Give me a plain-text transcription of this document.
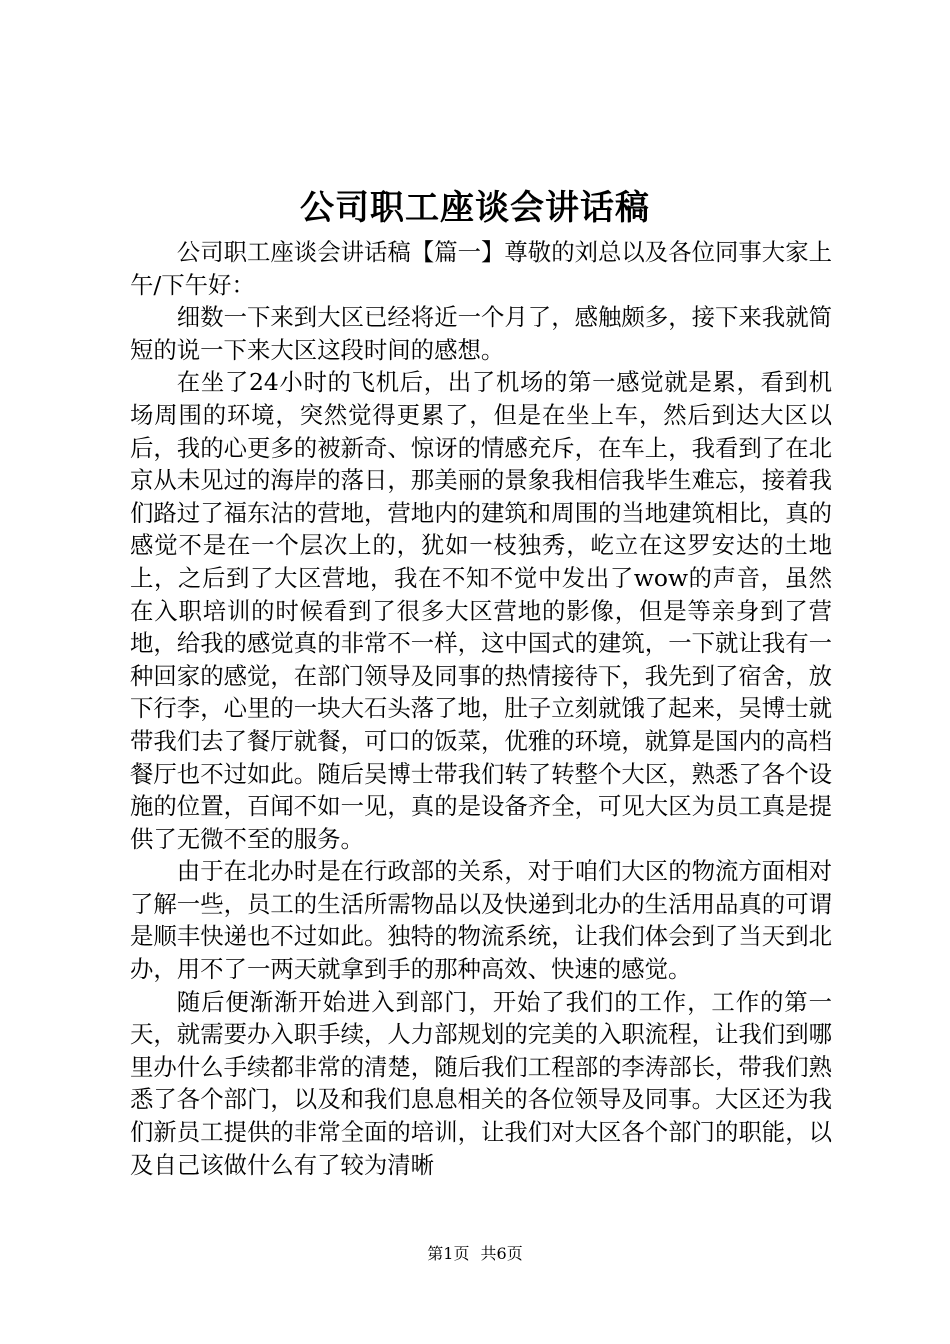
公司职工座谈会讲话稿

公司职工座谈会讲话稿【篇一】尊敬的刘总以及各位同事大家上午/下午好：

细数一下来到大区已经将近一个月了，感触颇多，接下来我就简短的说一下来大区这段时间的感想。

在坐了24小时的飞机后，出了机场的第一感觉就是累，看到机场周围的环境，突然觉得更累了，但是在坐上车，然后到达大区以后，我的心更多的被新奇、惊讶的情感充斥，在车上，我看到了在北京从未见过的海岸的落日，那美丽的景象我相信我毕生难忘，接着我们路过了福东沽的营地，营地内的建筑和周围的当地建筑相比，真的感觉不是在一个层次上的，犹如一枝独秀，屹立在这罗安达的土地上，之后到了大区营地，我在不知不觉中发出了wow的声音，虽然在入职培训的时候看到了很多大区营地的影像，但是等亲身到了营地，给我的感觉真的非常不一样，这中国式的建筑，一下就让我有一种回家的感觉，在部门领导及同事的热情接待下，我先到了宿舍，放下行李，心里的一块大石头落了地，肚子立刻就饿了起来，吴博士就带我们去了餐厅就餐，可口的饭菜，优雅的环境，就算是国内的高档餐厅也不过如此。随后吴博士带我们转了转整个大区，熟悉了各个设施的位置，百闻不如一见，真的是设备齐全，可见大区为员工真是提供了无微不至的服务。

由于在北办时是在行政部的关系，对于咱们大区的物流方面相对了解一些，员工的生活所需物品以及快递到北办的生活用品真的可谓是顺丰快递也不过如此。独特的物流系统，让我们体会到了当天到北办，用不了一两天就拿到手的那种高效、快速的感觉。

随后便渐渐开始进入到部门，开始了我们的工作，工作的第一天，就需要办入职手续，人力部规划的完美的入职流程，让我们到哪里办什么手续都非常的清楚，随后我们工程部的李涛部长，带我们熟悉了各个部门，以及和我们息息相关的各位领导及同事。大区还为我们新员工提供的非常全面的培训，让我们对大区各个部门的职能，以及自己该做什么有了较为清晰

第1页 共6页
